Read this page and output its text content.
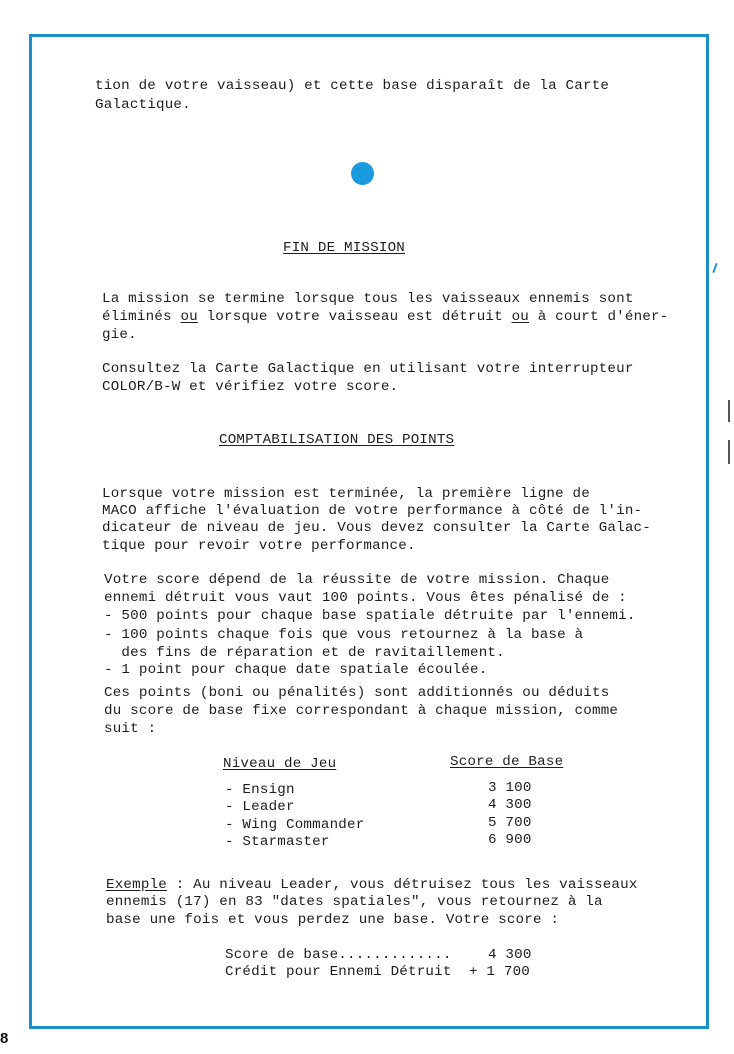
tion de votre vaisseau) et cette base disparaît de la Carte
Galactique.
FIN DE MISSION
La mission se termine lorsque tous les vaisseaux ennemis sont
éliminés ou lorsque votre vaisseau est détruit ou à court d'éner-
gie.
Consultez la Carte Galactique en utilisant votre interrupteur
COLOR/B-W et vérifiez votre score.
COMPTABILISATION DES POINTS
Lorsque votre mission est terminée, la première ligne de
MACO affiche l'évaluation de votre performance à côté de l'in-
dicateur de niveau de jeu. Vous devez consulter la Carte Galac-
tique pour revoir votre performance.
Votre score dépend de la réussite de votre mission. Chaque
ennemi détruit vous vaut 100 points. Vous êtes pénalisé de :
- 500 points pour chaque base spatiale détruite par l'ennemi.
- 100 points chaque fois que vous retournez à la base à
des fins de réparation et de ravitaillement.
- 1 point pour chaque date spatiale écoulée.
Ces points (boni ou pénalités) sont additionnés ou déduits
du score de base fixe correspondant à chaque mission, comme
suit :
Niveau de Jeu	Score de Base
- Ensign	3 100
- Leader	4 300
- Wing Commander	5 700
- Starmaster	6 900
Exemple : Au niveau Leader, vous détruisez tous les vaisseaux
ennemis (17) en 83 "dates spatiales", vous retournez à la
base une fois et vous perdez une base. Votre score :
Score de base.............	4 300
Crédit pour Ennemi Détruit + 1 700
8
